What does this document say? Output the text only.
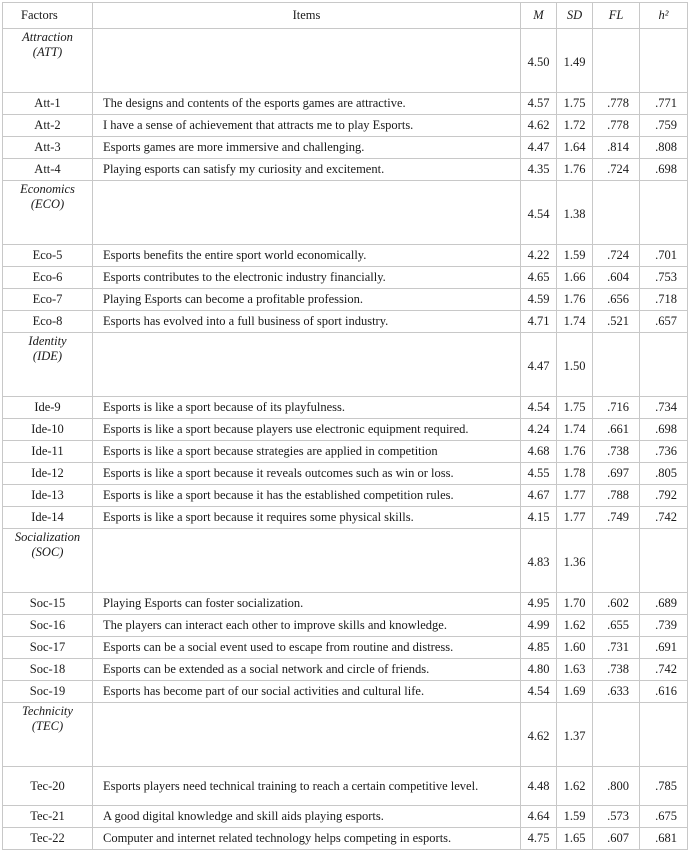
Factors	Items	M	SD	FL	h²

Attraction
(ATT)		4.50	1.49		
Att-1	The designs and contents of the esports games are attractive.	4.57	1.75	.778	.771
Att-2	I have a sense of achievement that attracts me to play Esports.	4.62	1.72	.778	.759
Att-3	Esports games are more immersive and challenging.	4.47	1.64	.814	.808
Att-4	Playing esports can satisfy my curiosity and excitement.	4.35	1.76	.724	.698

Economics
(ECO)		4.54	1.38		
Eco-5	Esports benefits the entire sport world economically.	4.22	1.59	.724	.701
Eco-6	Esports contributes to the electronic industry financially.	4.65	1.66	.604	.753
Eco-7	Playing Esports can become a profitable profession.	4.59	1.76	.656	.718
Eco-8	Esports has evolved into a full business of sport industry.	4.71	1.74	.521	.657

Identity
(IDE)		4.47	1.50		
Ide-9	Esports is like a sport because of its playfulness.	4.54	1.75	.716	.734
Ide-10	Esports is like a sport because players use electronic equipment required.	4.24	1.74	.661	.698
Ide-11	Esports is like a sport because strategies are applied in competition	4.68	1.76	.738	.736
Ide-12	Esports is like a sport because it reveals outcomes such as win or loss.	4.55	1.78	.697	.805
Ide-13	Esports is like a sport because it has the established competition rules.	4.67	1.77	.788	.792
Ide-14	Esports is like a sport because it requires some physical skills.	4.15	1.77	.749	.742

Socialization
(SOC)		4.83	1.36		
Soc-15	Playing Esports can foster socialization.	4.95	1.70	.602	.689
Soc-16	The players can interact each other to improve skills and knowledge.	4.99	1.62	.655	.739
Soc-17	Esports can be a social event used to escape from routine and distress.	4.85	1.60	.731	.691
Soc-18	Esports can be extended as a social network and circle of friends.	4.80	1.63	.738	.742
Soc-19	Esports has become part of our social activities and cultural life.	4.54	1.69	.633	.616

Technicity
(TEC)		4.62	1.37		
Tec-20	Esports players need technical training to reach a certain competitive level.	4.48	1.62	.800	.785
Tec-21	A good digital knowledge and skill aids playing esports.	4.64	1.59	.573	.675
Tec-22	Computer and internet related technology helps competing in esports.	4.75	1.65	.607	.681
